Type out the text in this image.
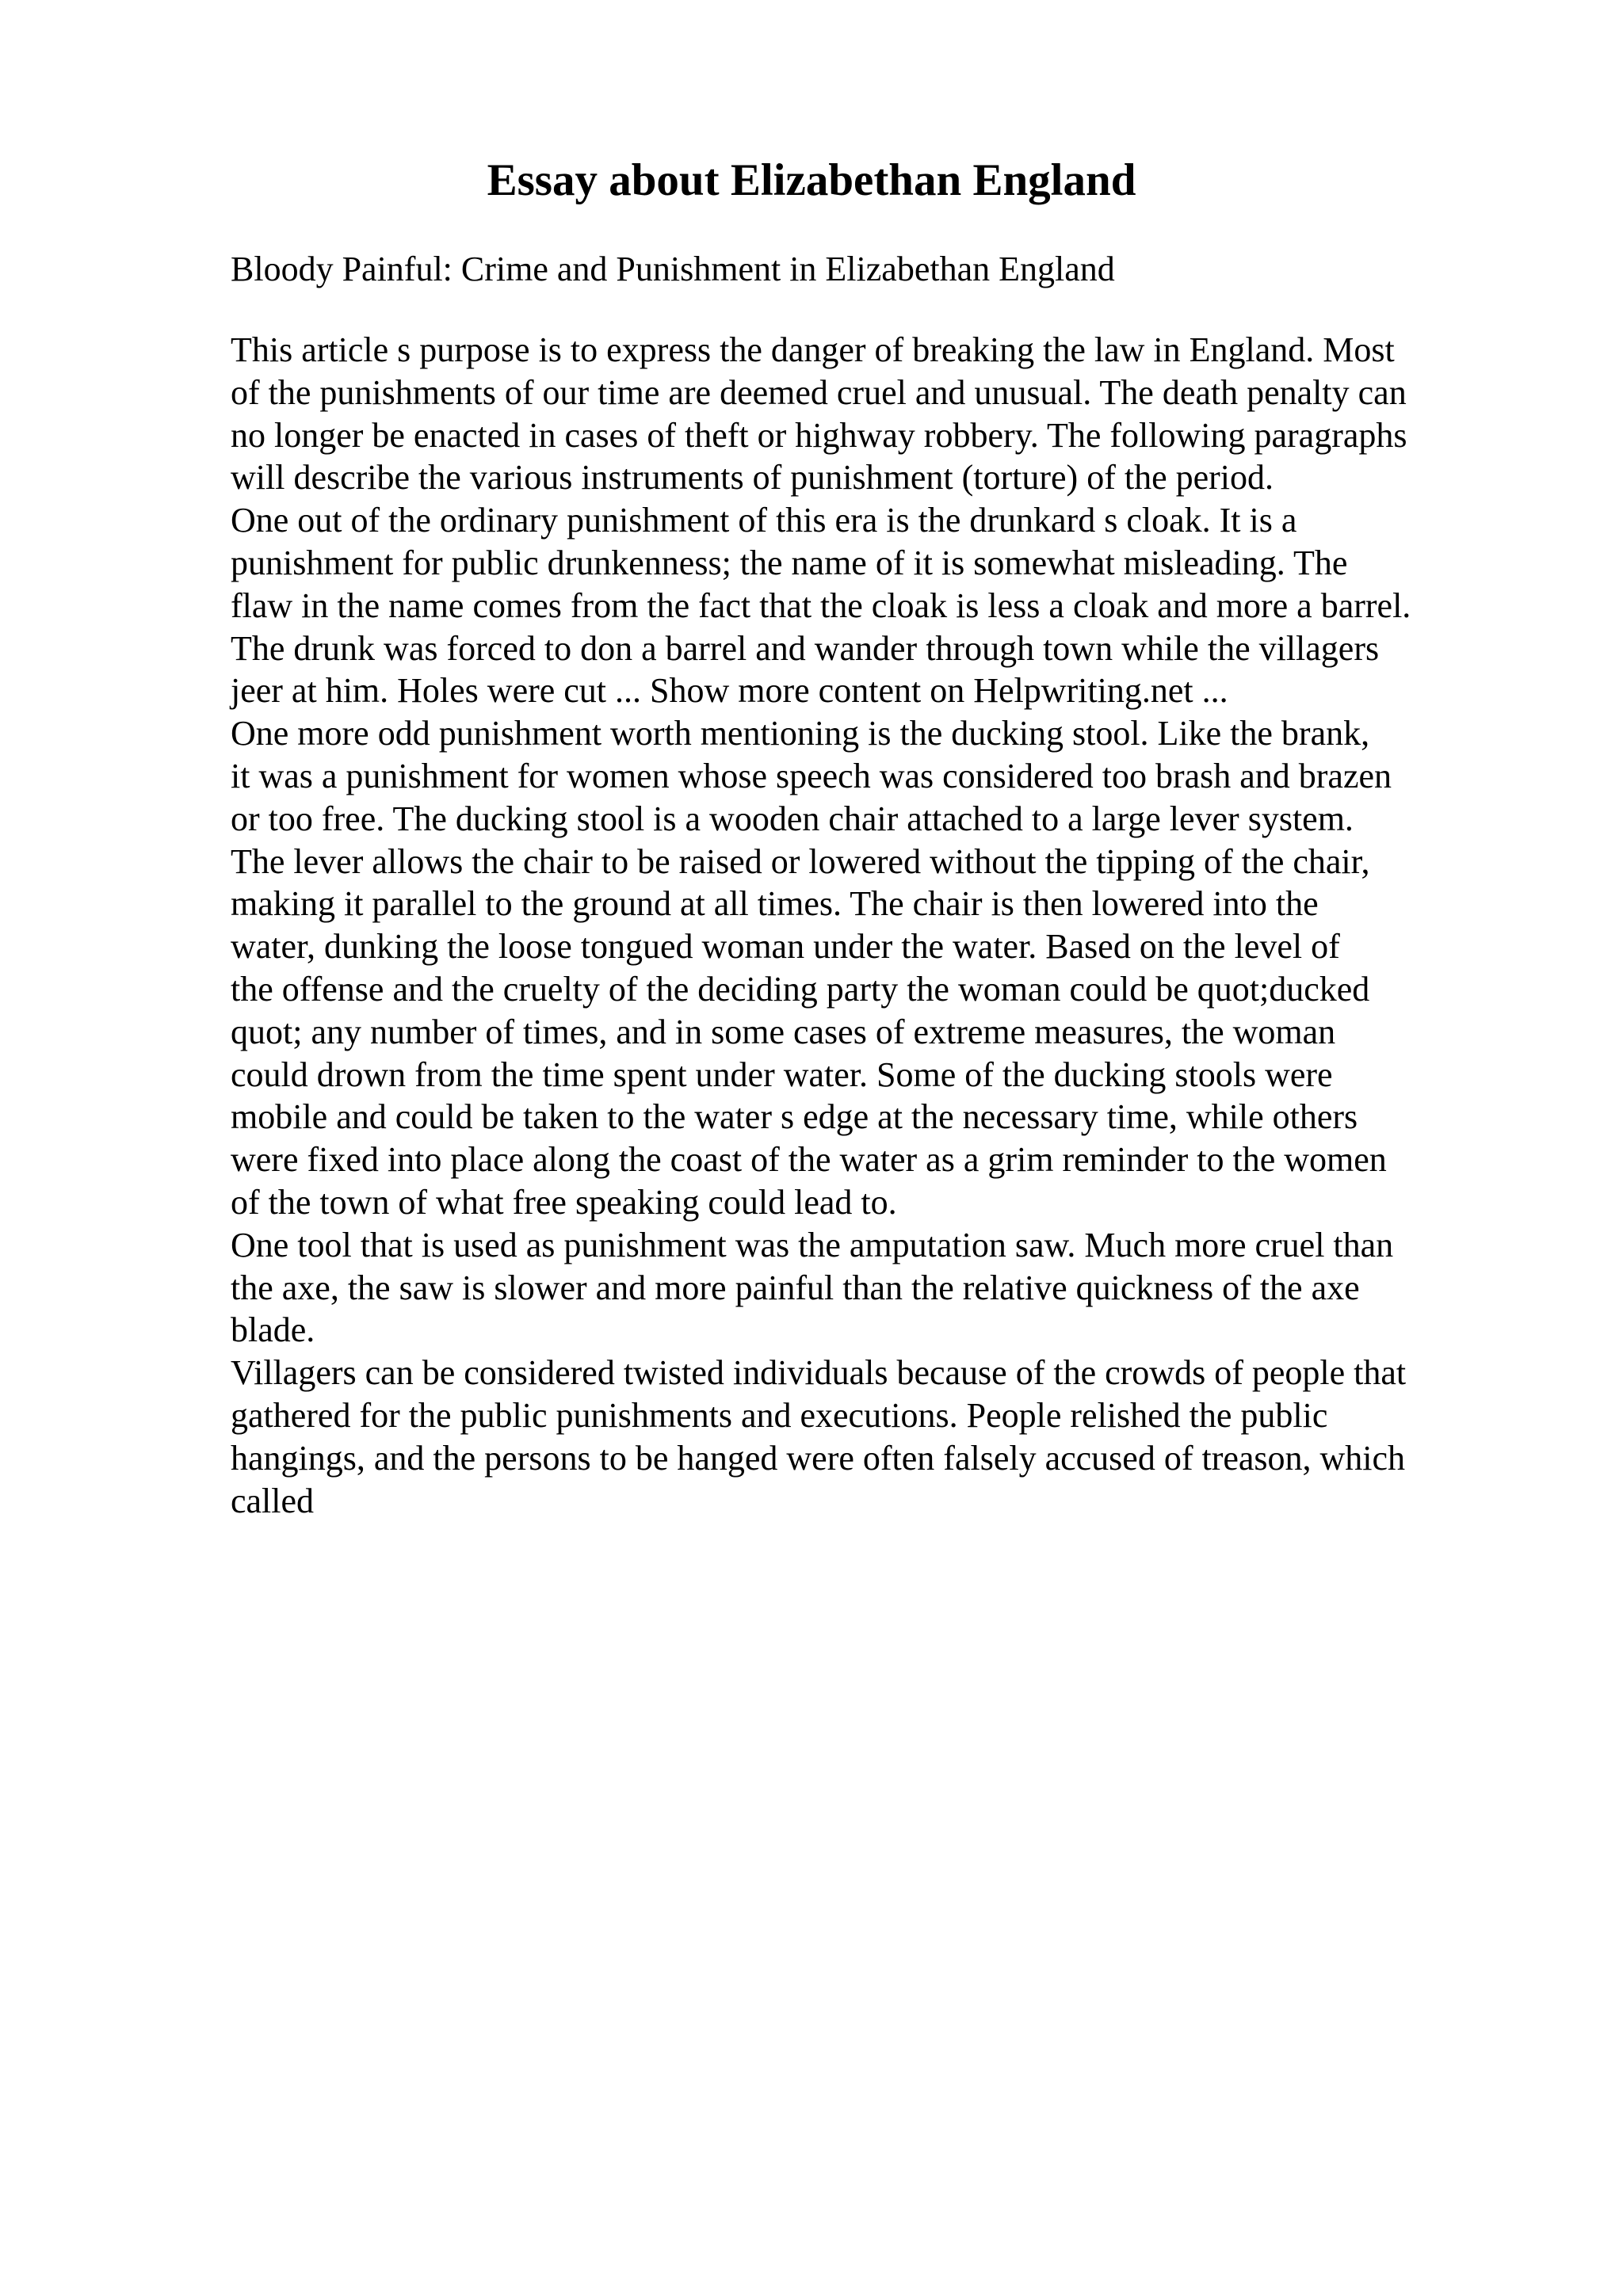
Essay about Elizabethan England

Bloody Painful: Crime and Punishment in Elizabethan England

This article s purpose is to express the danger of breaking the law in England. Most
of the punishments of our time are deemed cruel and unusual. The death penalty can
no longer be enacted in cases of theft or highway robbery. The following paragraphs
will describe the various instruments of punishment (torture) of the period.
One out of the ordinary punishment of this era is the drunkard s cloak. It is a
punishment for public drunkenness; the name of it is somewhat misleading. The
flaw in the name comes from the fact that the cloak is less a cloak and more a barrel.
The drunk was forced to don a barrel and wander through town while the villagers
jeer at him. Holes were cut ... Show more content on Helpwriting.net ...
One more odd punishment worth mentioning is the ducking stool. Like the brank,
it was a punishment for women whose speech was considered too brash and brazen
or too free. The ducking stool is a wooden chair attached to a large lever system.
The lever allows the chair to be raised or lowered without the tipping of the chair,
making it parallel to the ground at all times. The chair is then lowered into the
water, dunking the loose tongued woman under the water. Based on the level of
the offense and the cruelty of the deciding party the woman could be quot;ducked
quot; any number of times, and in some cases of extreme measures, the woman
could drown from the time spent under water. Some of the ducking stools were
mobile and could be taken to the water s edge at the necessary time, while others
were fixed into place along the coast of the water as a grim reminder to the women
of the town of what free speaking could lead to.
One tool that is used as punishment was the amputation saw. Much more cruel than
the axe, the saw is slower and more painful than the relative quickness of the axe
blade.
Villagers can be considered twisted individuals because of the crowds of people that
gathered for the public punishments and executions. People relished the public
hangings, and the persons to be hanged were often falsely accused of treason, which
called
